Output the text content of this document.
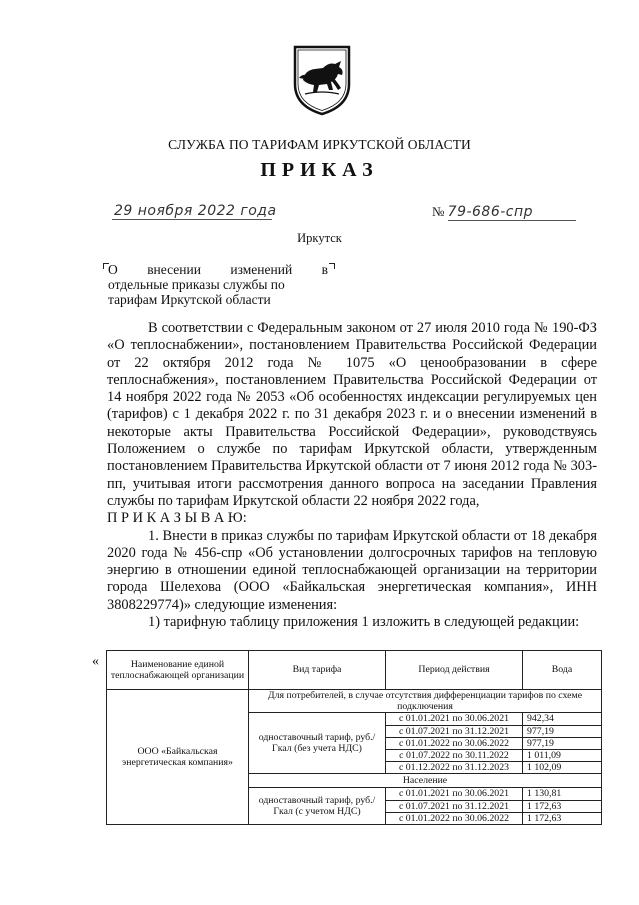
СЛУЖБА ПО ТАРИФАМ ИРКУТСКОЙ ОБЛАСТИ
ПРИКАЗ
29 ноября 2022 года	№ 79-686-спр
Иркутск
О внесении изменений в
отдельные приказы службы по
тарифам Иркутской области

В соответствии с Федеральным законом от 27 июля 2010 года № 190-ФЗ «О теплоснабжении», постановлением Правительства Российской Федерации от 22 октября 2012 года № 1075 «О ценообразовании в сфере теплоснабжения», постановлением Правительства Российской Федерации от 14 ноября 2022 года № 2053 «Об особенностях индексации регулируемых цен (тарифов) с 1 декабря 2022 г. по 31 декабря 2023 г. и о внесении изменений в некоторые акты Правительства Российской Федерации», руководствуясь Положением о службе по тарифам Иркутской области, утвержденным постановлением Правительства Иркутской области от 7 июня 2012 года № 303-пп, учитывая итоги рассмотрения данного вопроса на заседании Правления службы по тарифам Иркутской области 22 ноября 2022 года,

П Р И К А З Ы В А Ю:

1. Внести в приказ службы по тарифам Иркутской области от 18 декабря 2020 года № 456-спр «Об установлении долгосрочных тарифов на тепловую энергию в отношении единой теплоснабжающей организации на территории города Шелехова (ООО «Байкальская энергетическая компания», ИНН 3808229774)» следующие изменения:

1) тарифную таблицу приложения 1 изложить в следующей редакции:

«	Наименование единой теплоснабжающей организации	Вид тарифа	Период действия	Вода
ООО «Байкальская энергетическая компания»	Для потребителей, в случае отсутствия дифференциации тарифов по схеме подключения		
	одноставочный тариф, руб./Гкал (без учета НДС)	с 01.01.2021 по 30.06.2021	942,34
		с 01.07.2021 по 31.12.2021	977,19
		с 01.01.2022 по 30.06.2022	977,19
		с 01.07.2022 по 30.11.2022	1 011,09
		с 01.12.2022 по 31.12.2023	1 102,09
	Население		
	одноставочный тариф, руб./Гкал (с учетом НДС)	с 01.01.2021 по 30.06.2021	1 130,81
		с 01.07.2021 по 31.12.2021	1 172,63
		с 01.01.2022 по 30.06.2022	1 172,63
